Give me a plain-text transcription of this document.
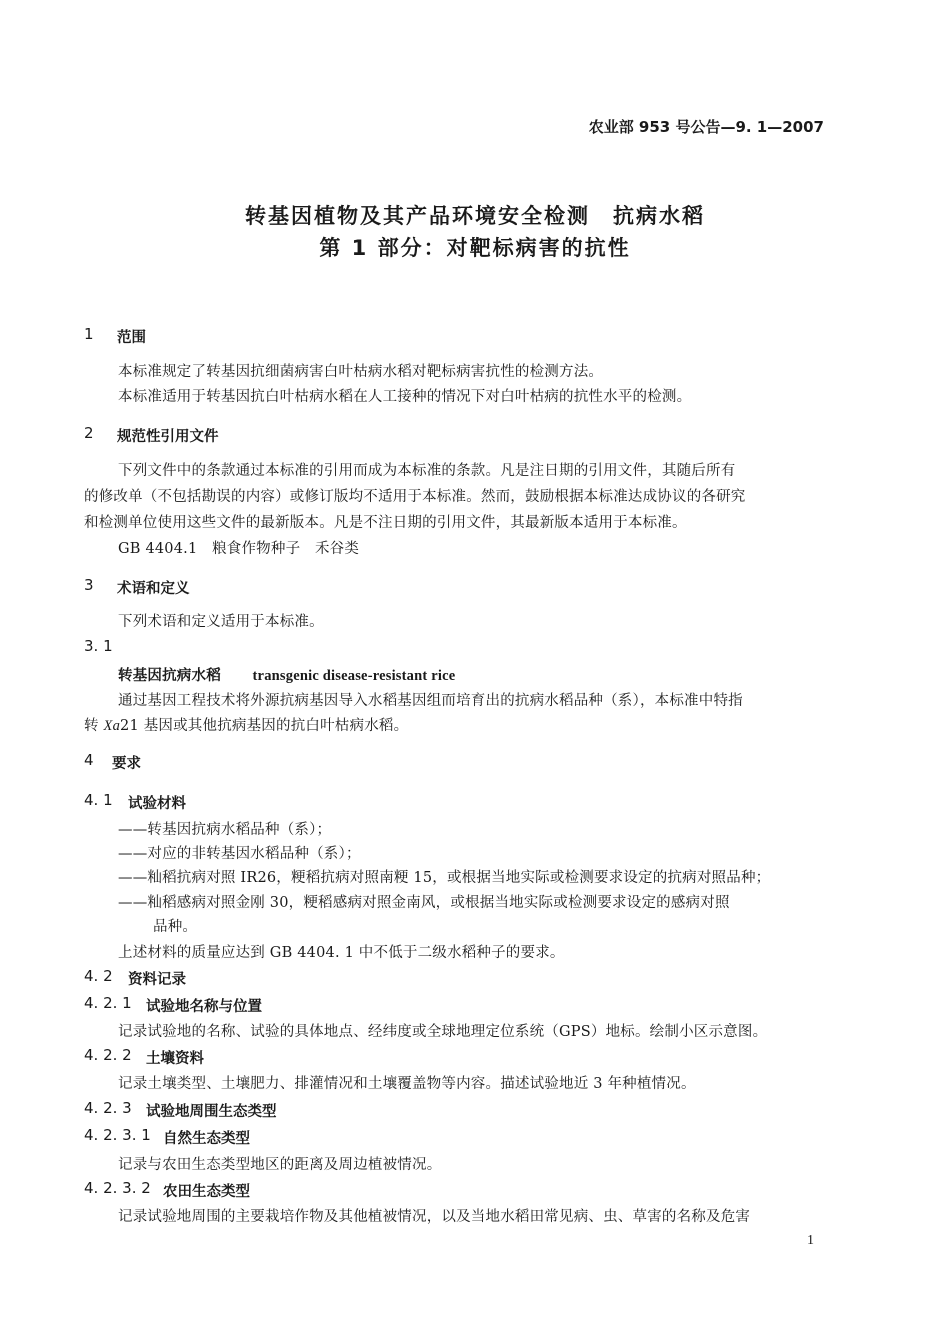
农业部 953 号公告—9. 1—2007
转基因植物及其产品环境安全检测　抗病水稻
第 1 部分：对靶标病害的抗性
1 范围
本标准规定了转基因抗细菌病害白叶枯病水稻对靶标病害抗性的检测方法。
本标准适用于转基因抗白叶枯病水稻在人工接种的情况下对白叶枯病的抗性水平的检测。
2 规范性引用文件
下列文件中的条款通过本标准的引用而成为本标准的条款。凡是注日期的引用文件，其随后所有
的修改单（不包括勘误的内容）或修订版均不适用于本标准。然而，鼓励根据本标准达成协议的各研究
和检测单位使用这些文件的最新版本。凡是不注日期的引用文件，其最新版本适用于本标准。
GB 4404.1　粮食作物种子　禾谷类
3 术语和定义
下列术语和定义适用于本标准。
3. 1
转基因抗病水稻 transgenic disease-resistant rice
通过基因工程技术将外源抗病基因导入水稻基因组而培育出的抗病水稻品种（系），本标准中特指
转 Xa21 基因或其他抗病基因的抗白叶枯病水稻。
4 要求
4. 1 试验材料
——转基因抗病水稻品种（系）；
——对应的非转基因水稻品种（系）；
——籼稻抗病对照 IR26，粳稻抗病对照南粳 15，或根据当地实际或检测要求设定的抗病对照品种；
——籼稻感病对照金刚 30，粳稻感病对照金南风，或根据当地实际或检测要求设定的感病对照
品种。
上述材料的质量应达到 GB 4404. 1 中不低于二级水稻种子的要求。
4. 2 资料记录
4. 2. 1 试验地名称与位置
记录试验地的名称、试验的具体地点、经纬度或全球地理定位系统（GPS）地标。绘制小区示意图。
4. 2. 2 土壤资料
记录土壤类型、土壤肥力、排灌情况和土壤覆盖物等内容。描述试验地近 3 年种植情况。
4. 2. 3 试验地周围生态类型
4. 2. 3. 1 自然生态类型
记录与农田生态类型地区的距离及周边植被情况。
4. 2. 3. 2 农田生态类型
记录试验地周围的主要栽培作物及其他植被情况，以及当地水稻田常见病、虫、草害的名称及危害
1
